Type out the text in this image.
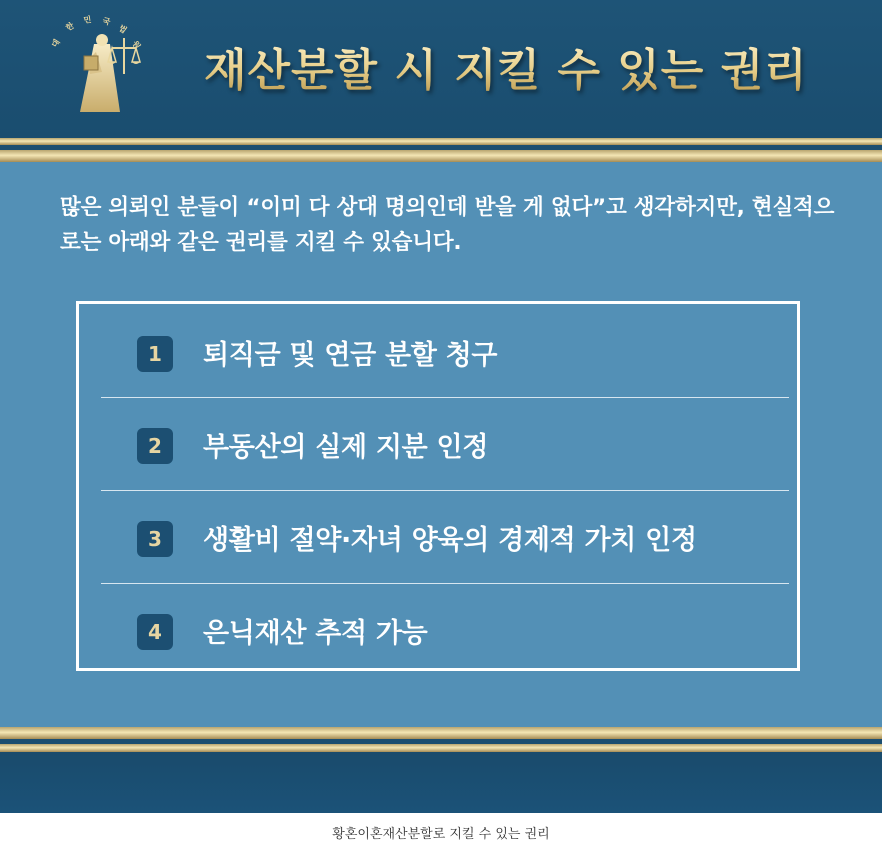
대
한
민 국
법
원
재산분할 시 지킬 수 있는 권리
많은 의뢰인 분들이 “이미 다 상대 명의인데 받을 게 없다”고 생각하지만, 현실적으로는 아래와 같은 권리를 지킬 수 있습니다.
1	퇴직금 및 연금 분할 청구
2	부동산의 실제 지분 인정
3	생활비 절약·자녀 양육의 경제적 가치 인정
4	은닉재산 추적 가능
황혼이혼재산분할로 지킬 수 있는 권리
